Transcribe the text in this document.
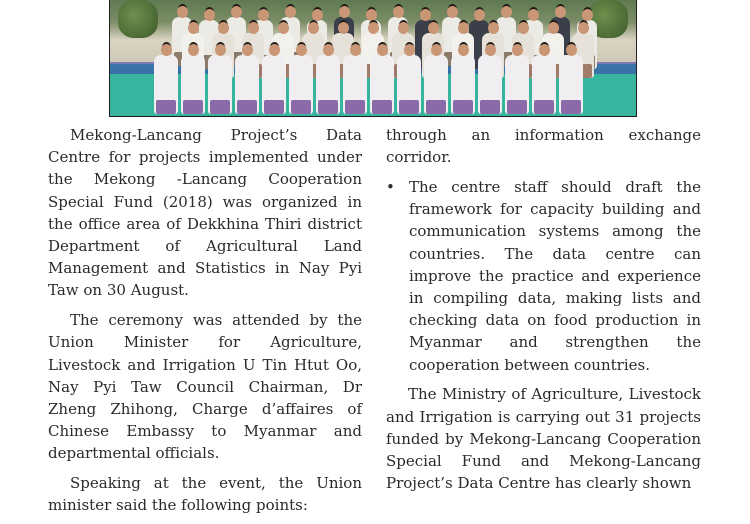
Mekong-Lancang Project’s Data Centre for projects implemented under the Mekong -Lancang Cooperation Special Fund (2018) was organized in the office area of Dekkhina Thiri district Department of Agricultural Land Management and Statistics in Nay Pyi Taw on 30 August.

The ceremony was attended by the Union Minister for Agriculture, Livestock and Irrigation U Tin Htut Oo, Nay Pyi Taw Council Chairman, Dr Zheng Zhihong, Charge d’affaires of Chinese Embassy to Myanmar and departmental officials.

Speaking at the event, the Union minister said the following points:

through an information exchange corridor.

• The centre staff should draft the framework for capacity building and communication systems among the countries. The data centre can improve the practice and experience in compiling data, making lists and checking data on food production in Myanmar and strengthen the cooperation between countries.

The Ministry of Agriculture, Livestock and Irrigation is carrying out 31 projects funded by Mekong-Lancang Cooperation Special Fund and Mekong-Lancang Project’s Data Centre has clearly shown
